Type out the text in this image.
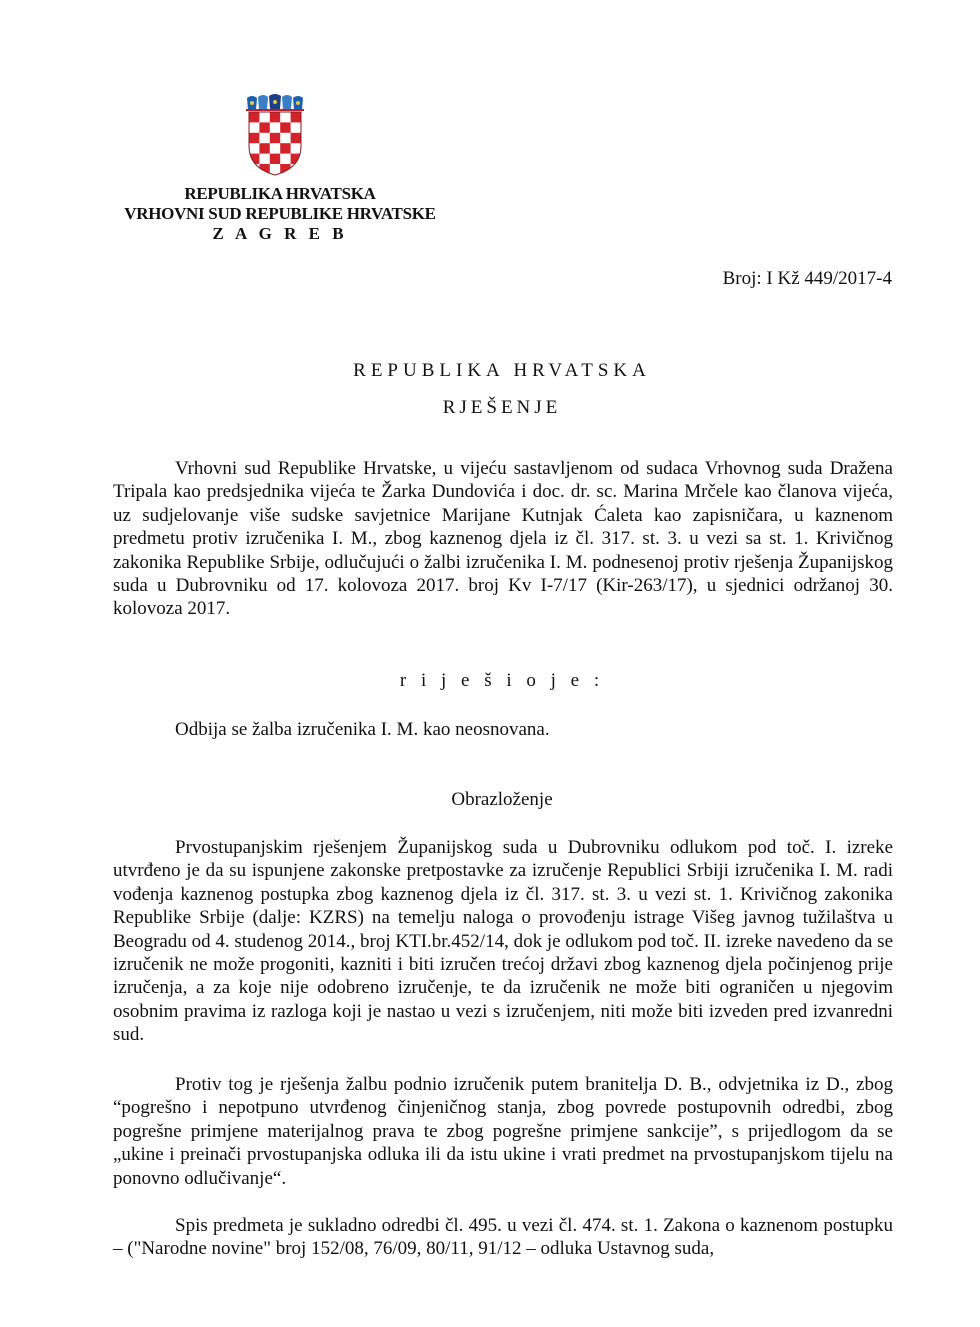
REPUBLIKA HRVATSKA
VRHOVNI SUD REPUBLIKE HRVATSKE
Z A G R E B
Broj: I Kž 449/2017-4
REPUBLIKA HRVATSKA
RJEŠENJE

Vrhovni sud Republike Hrvatske, u vijeću sastavljenom od sudaca Vrhovnog suda Dražena Tripala kao predsjednika vijeća te Žarka Dundovića i doc. dr. sc. Marina Mrčele kao članova vijeća, uz sudjelovanje više sudske savjetnice Marijane Kutnjak Ćaleta kao zapisničara, u kaznenom predmetu protiv izručenika I. M., zbog kaznenog djela iz čl. 317. st. 3. u vezi sa st. 1. Krivičnog zakonika Republike Srbije, odlučujući o žalbi izručenika I. M. podnesenoj protiv rješenja Županijskog suda u Dubrovniku od 17. kolovoza 2017. broj Kv I-7/17 (Kir-263/17), u sjednici održanoj 30. kolovoza 2017.

r i j e š i o j e :

Odbija se žalba izručenika I. M. kao neosnovana.

Obrazloženje

Prvostupanjskim rješenjem Županijskog suda u Dubrovniku odlukom pod toč. I. izreke utvrđeno je da su ispunjene zakonske pretpostavke za izručenje Republici Srbiji izručenika I. M. radi vođenja kaznenog postupka zbog kaznenog djela iz čl. 317. st. 3. u vezi st. 1. Krivičnog zakonika Republike Srbije (dalje: KZRS) na temelju naloga o provođenju istrage Višeg javnog tužilaštva u Beogradu od 4. studenog 2014., broj KTI.br.452/14, dok je odlukom pod toč. II. izreke navedeno da se izručenik ne može progoniti, kazniti i biti izručen trećoj državi zbog kaznenog djela počinjenog prije izručenja, a za koje nije odobreno izručenje, te da izručenik ne može biti ograničen u njegovim osobnim pravima iz razloga koji je nastao u vezi s izručenjem, niti može biti izveden pred izvanredni sud.

Protiv tog je rješenja žalbu podnio izručenik putem branitelja D. B., odvjetnika iz D., zbog “pogrešno i nepotpuno utvrđenog činjeničnog stanja, zbog povrede postupovnih odredbi, zbog pogrešne primjene materijalnog prava te zbog pogrešne primjene sankcije”, s prijedlogom da se „ukine i preinači prvostupanjska odluka ili da istu ukine i vrati predmet na prvostupanjskom tijelu na ponovno odlučivanje“.

Spis predmeta je sukladno odredbi čl. 495. u vezi čl. 474. st. 1. Zakona o kaznenom postupku – ("Narodne novine" broj 152/08, 76/09, 80/11, 91/12 – odluka Ustavnog suda,
